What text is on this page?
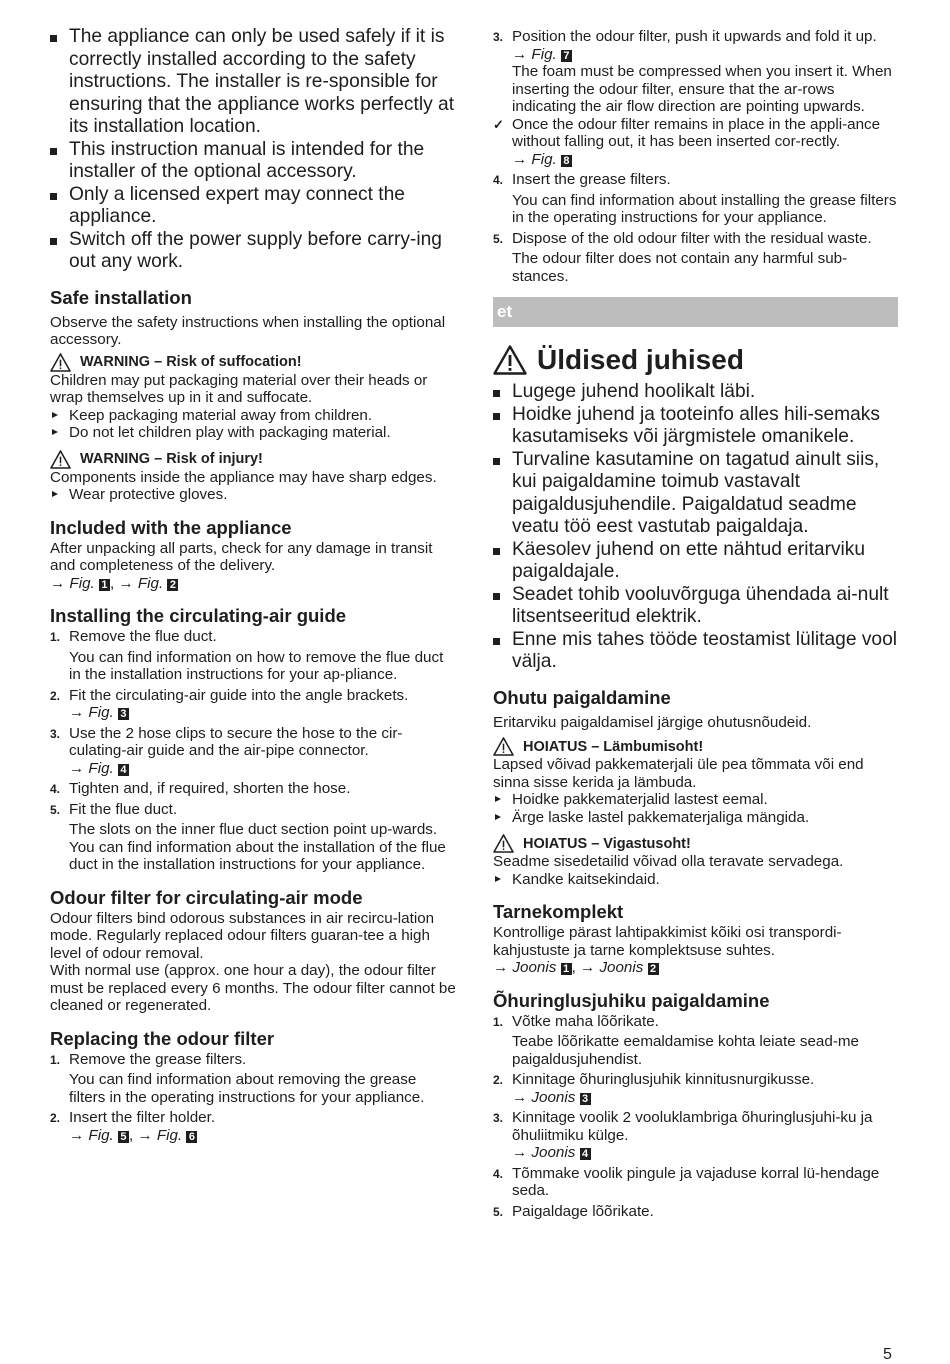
The appliance can only be used safely if it is correctly installed according to the safety instructions. The installer is re-sponsible for ensuring that the appliance works perfectly at its installation location.
This instruction manual is intended for the installer of the optional accessory.
Only a licensed expert may connect the appliance.
Switch off the power supply before carry-ing out any work.
Safe installation

Observe the safety instructions when installing the optional accessory.

WARNING – Risk of suffocation!

Children may put packaging material over their heads or wrap themselves up in it and suffocate.

Keep packaging material away from children.
Do not let children play with packaging material.
WARNING – Risk of injury!

Components inside the appliance may have sharp edges.

Wear protective gloves.
Included with the appliance

After unpacking all parts, check for any damage in transit and completeness of the delivery.

→ Fig. 1 , → Fig. 2

Installing the circulating-air guide
1. Remove the flue duct.
You can find information on how to remove the flue duct in the installation instructions for your ap-pliance.
2. Fit the circulating-air guide into the angle brackets.
→ Fig. 3
3. Use the 2 hose clips to secure the hose to the cir-culating-air guide and the air-pipe connector.
→ Fig. 4
4. Tighten and, if required, shorten the hose.
5. Fit the flue duct.
The slots on the inner flue duct section point up-wards.
You can find information about the installation of the flue duct in the installation instructions for your appliance.
Odour filter for circulating-air mode

Odour filters bind odorous substances in air recircu-lation mode. Regularly replaced odour filters guaran-tee a high level of odour removal.

With normal use (approx. one hour a day), the odour filter must be replaced every 6 months. The odour filter cannot be cleaned or regenerated.

Replacing the odour filter
1. Remove the grease filters.
You can find information about removing the grease filters in the operating instructions for your appliance.
2. Insert the filter holder.
→ Fig. 5 , → Fig. 6
3. Position the odour filter, push it upwards and fold it up.
→ Fig. 7
The foam must be compressed when you insert it. When inserting the odour filter, ensure that the ar-rows indicating the air flow direction are pointing upwards.
✓ Once the odour filter remains in place in the appli-ance without falling out, it has been inserted cor-rectly.
→ Fig. 8
4. Insert the grease filters.
You can find information about installing the grease filters in the operating instructions for your appliance.
5. Dispose of the old odour filter with the residual waste.
The odour filter does not contain any harmful sub-stances.
et
Üldised juhised
Lugege juhend hoolikalt läbi.
Hoidke juhend ja tooteinfo alles hili-semaks kasutamiseks või järgmistele omanikele.
Turvaline kasutamine on tagatud ainult siis, kui paigaldamine toimub vastavalt paigaldusjuhendile. Paigaldatud seadme veatu töö eest vastutab paigaldaja.
Käesolev juhend on ette nähtud eritarviku paigaldajale.
Seadet tohib vooluvõrguga ühendada ai-nult litsentseeritud elektrik.
Enne mis tahes tööde teostamist lülitage vool välja.
Ohutu paigaldamine

Eritarviku paigaldamisel järgige ohutusnõudeid.

HOIATUS – Lämbumisoht!

Lapsed võivad pakkematerjali üle pea tõmmata või end sinna sisse kerida ja lämbuda.

Hoidke pakkematerjalid lastest eemal.
Ärge laske lastel pakkematerjaliga mängida.
HOIATUS – Vigastusoht!

Seadme sisedetailid võivad olla teravate servadega.

Kandke kaitsekindaid.
Tarnekomplekt

Kontrollige pärast lahtipakkimist kõiki osi transpordi-kahjustuste ja tarne komplektsuse suhtes.

→ Joonis 1 , → Joonis 2

Õhuringlusjuhiku paigaldamine
1. Võtke maha lõõrikate.
Teabe lõõrikatte eemaldamise kohta leiate sead-me paigaldusjuhendist.
2. Kinnitage õhuringlusjuhik kinnitusnurgikusse.
→ Joonis 3
3. Kinnitage voolik 2 vooluklambriga õhuringlusjuhi-ku ja õhuliitmiku külge.
→ Joonis 4
4. Tõmmake voolik pingule ja vajaduse korral lü-hendage seda.
5. Paigaldage lõõrikate.
5
